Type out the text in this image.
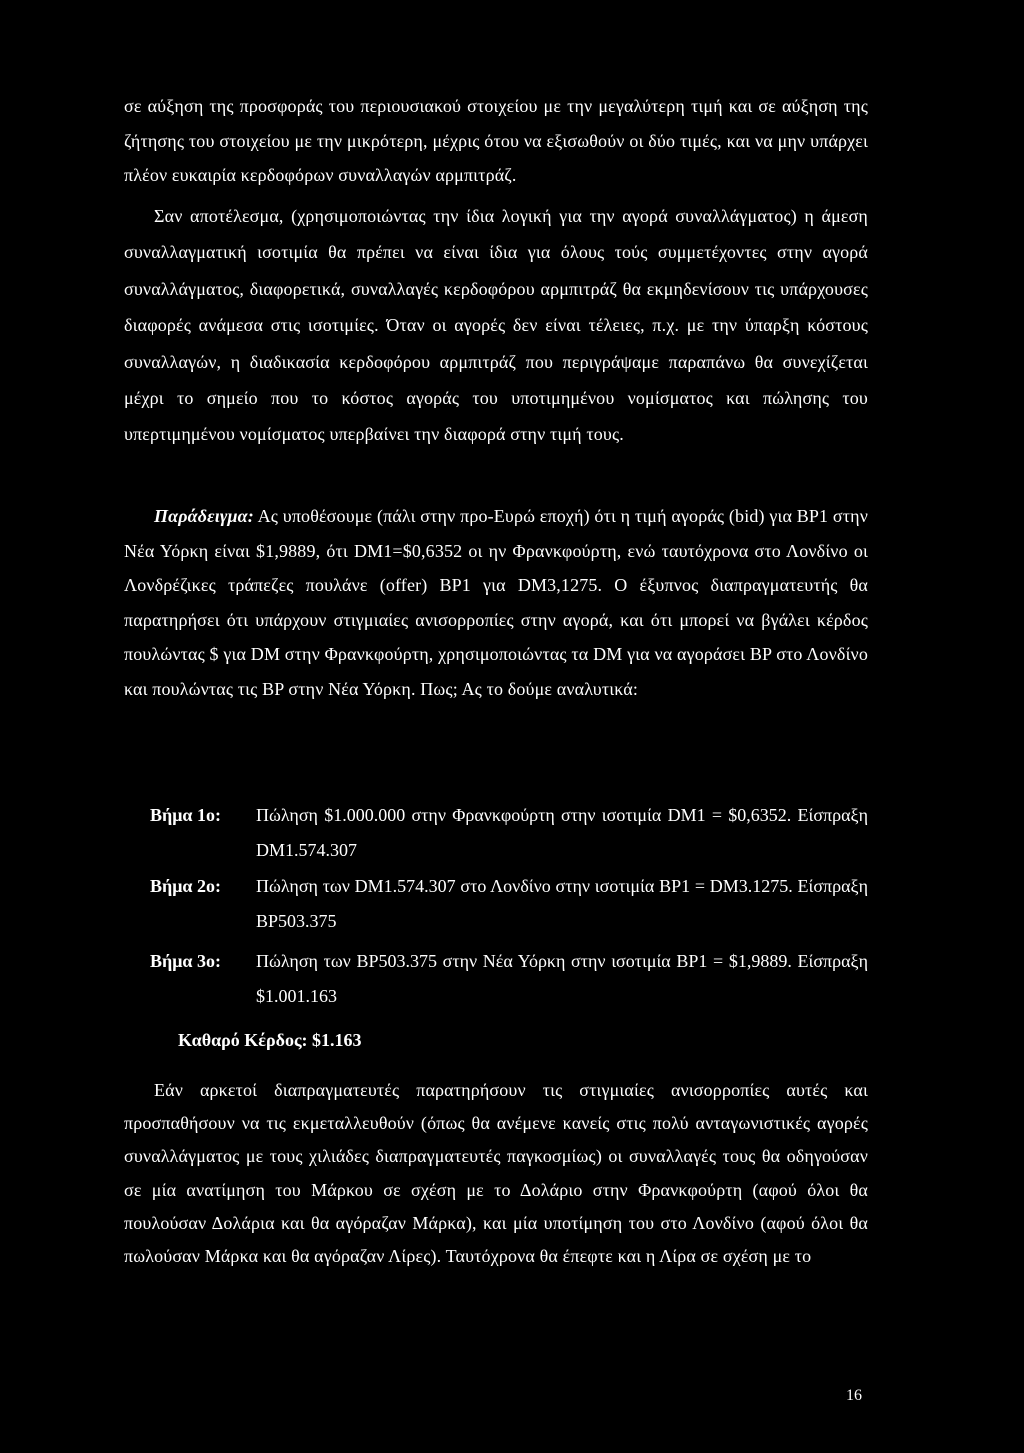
σε αύξηση της προσφοράς του περιουσιακού στοιχείου με την μεγαλύτερη τιμή και σε αύξηση της ζήτησης του στοιχείου με την μικρότερη, μέχρις ότου να εξισωθούν οι δύο τιμές, και να μην υπάρχει πλέον ευκαιρία κερδοφόρων συναλλαγών αρμπιτράζ.

Σαν αποτέλεσμα, (χρησιμοποιώντας την ίδια λογική για την αγορά συναλλάγματος) η άμεση συναλλαγματική ισοτιμία θα πρέπει να είναι ίδια για όλους τούς συμμετέχοντες στην αγορά συναλλάγματος, διαφορετικά, συναλλαγές κερδοφόρου αρμπιτράζ θα εκμηδενίσουν τις υπάρχουσες διαφορές ανάμεσα στις ισοτιμίες. Όταν οι αγορές δεν είναι τέλειες, π.χ. με την ύπαρξη κόστους συναλλαγών, η διαδικασία κερδοφόρου αρμπιτράζ που περιγράψαμε παραπάνω θα συνεχίζεται μέχρι το σημείο που το κόστος αγοράς του υποτιμημένου νομίσματος και πώλησης του υπερτιμημένου νομίσματος υπερβαίνει την διαφορά στην τιμή τους.

Παράδειγμα: Ας υποθέσουμε (πάλι στην προ-Ευρώ εποχή) ότι η τιμή αγοράς (bid) για BP1 στην Νέα Υόρκη είναι $1,9889, ότι DM1=$0,6352 οι ην Φρανκφούρτη, ενώ ταυτόχρονα στο Λονδίνο οι Λονδρέζικες τράπεζες πουλάνε (offer) BP1 για DM3,1275. Ο έξυπνος διαπραγματευτής θα παρατηρήσει ότι υπάρχουν στιγμιαίες ανισορροπίες στην αγορά, και ότι μπορεί να βγάλει κέρδος πουλώντας $ για DM στην Φρανκφούρτη, χρησιμοποιώντας τα DM για να αγοράσει BP στο Λονδίνο και πουλώντας τις BP στην Νέα Υόρκη. Πως; Ας το δούμε αναλυτικά:

Βήμα 1ο: Πώληση $1.000.000 στην Φρανκφούρτη στην ισοτιμία DM1 = $0,6352. Είσπραξη DM1.574.307
Βήμα 2ο: Πώληση των DM1.574.307 στο Λονδίνο στην ισοτιμία BP1 = DM3.1275. Είσπραξη BP503.375
Βήμα 3ο: Πώληση των BP503.375 στην Νέα Υόρκη στην ισοτιμία BP1 = $1,9889. Είσπραξη $1.001.163
Καθαρό Κέρδος: $1.163

Εάν αρκετοί διαπραγματευτές παρατηρήσουν τις στιγμιαίες ανισορροπίες αυτές και προσπαθήσουν να τις εκμεταλλευθούν (όπως θα ανέμενε κανείς στις πολύ ανταγωνιστικές αγορές συναλλάγματος με τους χιλιάδες διαπραγματευτές παγκοσμίως) οι συναλλαγές τους θα οδηγούσαν σε μία ανατίμηση του Μάρκου σε σχέση με το Δολάριο στην Φρανκφούρτη (αφού όλοι θα πουλούσαν Δολάρια και θα αγόραζαν Μάρκα), και μία υποτίμηση του στο Λονδίνο (αφού όλοι θα πωλούσαν Μάρκα και θα αγόραζαν Λίρες). Ταυτόχρονα θα έπεφτε και η Λίρα σε σχέση με το

16
